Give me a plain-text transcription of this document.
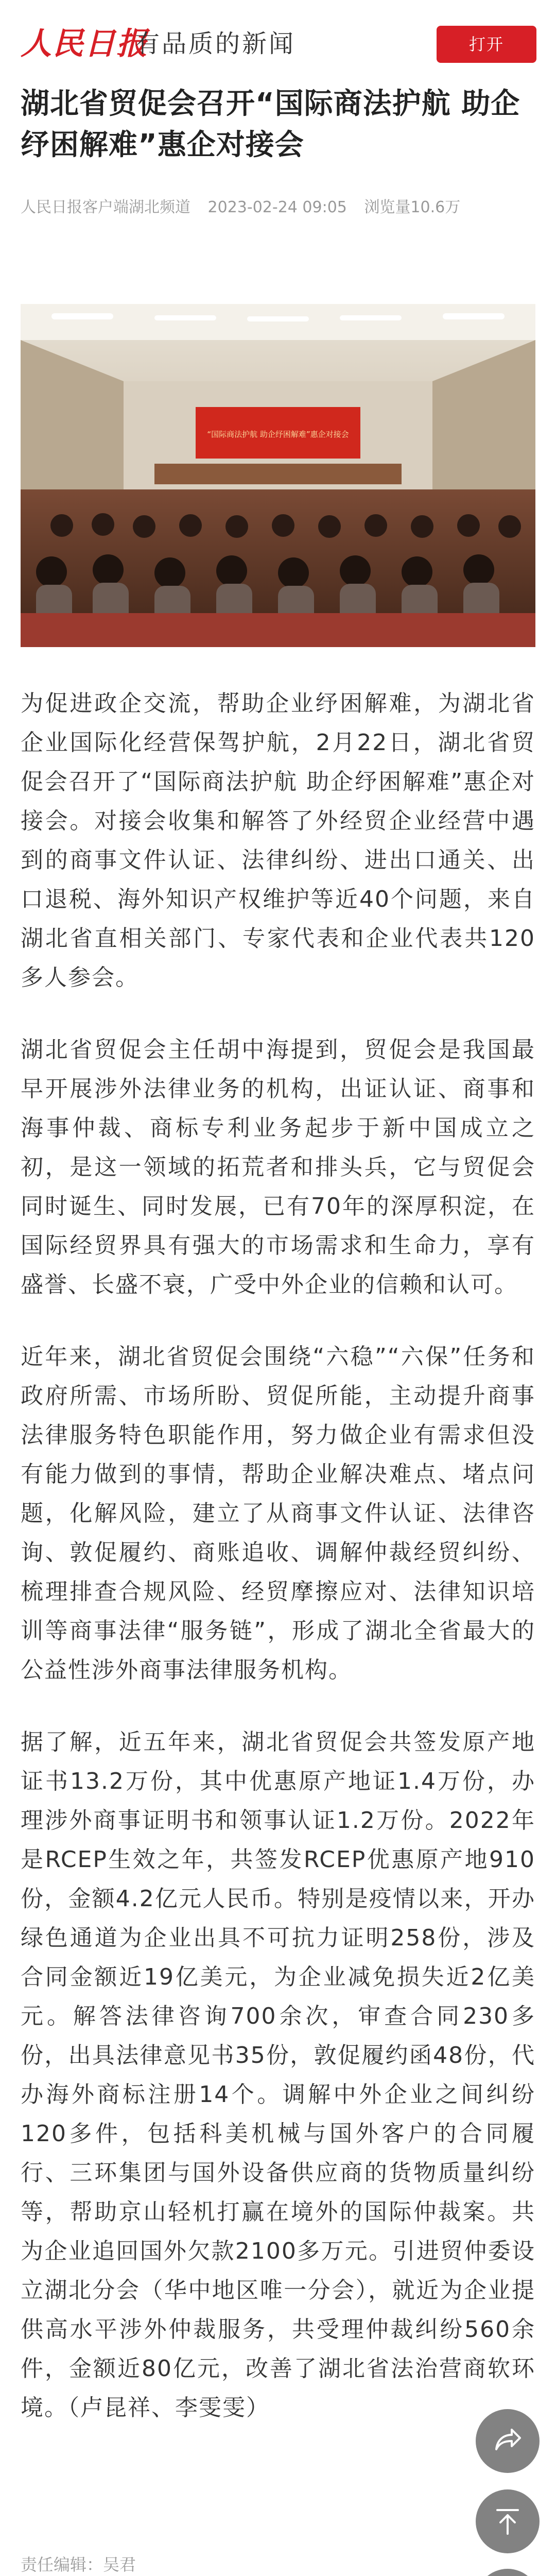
人民日报
有品质的新闻	打开
湖北省贸促会召开“国际商法护航 助企纾困解难”惠企对接会
人民日报客户端湖北频道 2023-02-24 09:05 浏览量10.6万
“国际商法护航 助企纾困解难”惠企对接会

为促进政企交流，帮助企业纾困解难，为湖北省企业国际化经营保驾护航，2月22日，湖北省贸促会召开了“国际商法护航 助企纾困解难”惠企对接会。对接会收集和解答了外经贸企业经营中遇到的商事文件认证、法律纠纷、进出口通关、出口退税、海外知识产权维护等近40个问题，来自湖北省直相关部门、专家代表和企业代表共120多人参会。

湖北省贸促会主任胡中海提到，贸促会是我国最早开展涉外法律业务的机构，出证认证、商事和海事仲裁、商标专利业务起步于新中国成立之初，是这一领域的拓荒者和排头兵，它与贸促会同时诞生、同时发展，已有70年的深厚积淀，在国际经贸界具有强大的市场需求和生命力，享有盛誉、长盛不衰，广受中外企业的信赖和认可。

近年来，湖北省贸促会围绕“六稳”“六保”任务和政府所需、市场所盼、贸促所能，主动提升商事法律服务特色职能作用，努力做企业有需求但没有能力做到的事情，帮助企业解决难点、堵点问题，化解风险，建立了从商事文件认证、法律咨询、敦促履约、商账追收、调解仲裁经贸纠纷、梳理排查合规风险、经贸摩擦应对、法律知识培训等商事法律“服务链”，形成了湖北全省最大的公益性涉外商事法律服务机构。

据了解，近五年来，湖北省贸促会共签发原产地证书13.2万份，其中优惠原产地证1.4万份，办理涉外商事证明书和领事认证1.2万份。2022年是RCEP生效之年，共签发RCEP优惠原产地910份，金额4.2亿元人民币。特别是疫情以来，开办绿色通道为企业出具不可抗力证明258份，涉及合同金额近19亿美元，为企业减免损失近2亿美元。解答法律咨询700余次，审查合同230多份，出具法律意见书35份，敦促履约函48份，代办海外商标注册14个。调解中外企业之间纠纷120多件，包括科美机械与国外客户的合同履行、三环集团与国外设备供应商的货物质量纠纷等，帮助京山轻机打赢在境外的国际仲裁案。共为企业追回国外欠款2100多万元。引进贸仲委设立湖北分会（华中地区唯一分会），就近为企业提供高水平涉外仲裁服务，共受理仲裁纠纷560余件，金额近80亿元，改善了湖北省法治营商软环境。（卢昆祥、李雯雯）

责任编辑：吴君
